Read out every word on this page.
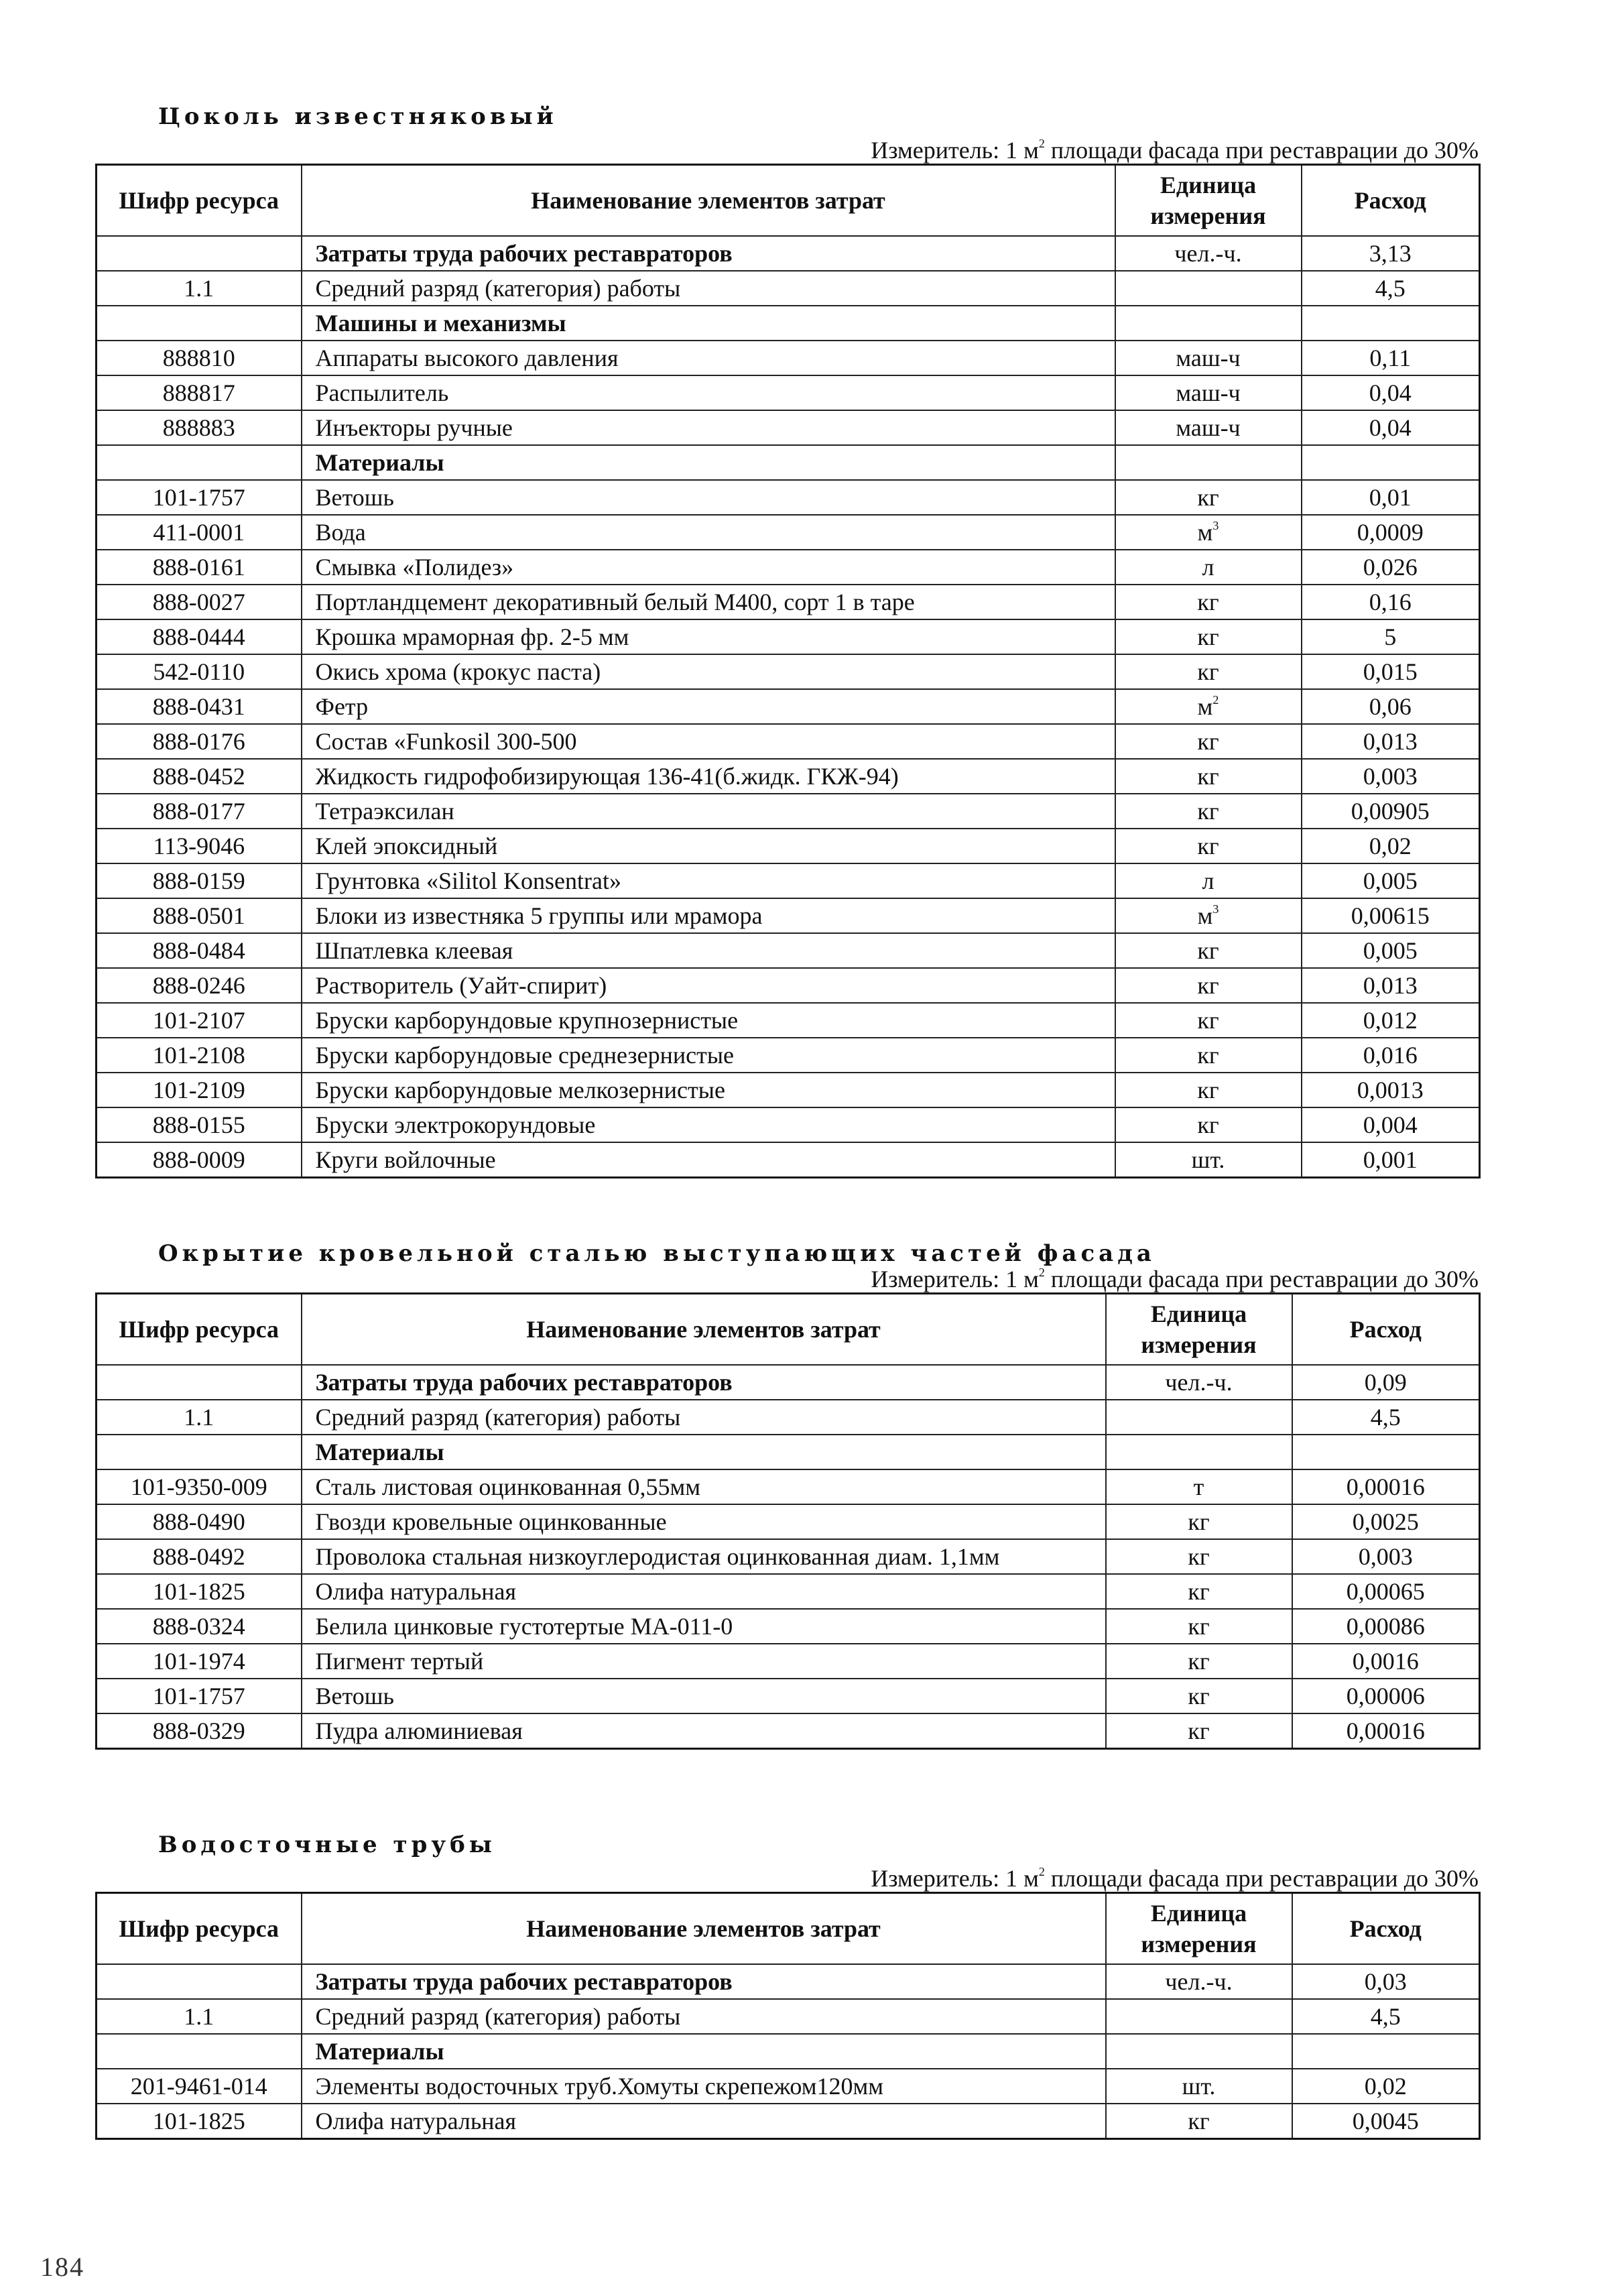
Цоколь известняковый
Измеритель: 1 $м^2$ площади фасада при реставрации до 30%
Шифр ресурса	Наименование элементов затрат	Единица измерения	Расход
	Затраты труда рабочих реставраторов	чел.-ч.	3,13
1.1	Средний разряд (категория) работы		4,5
	Машины и механизмы		
888810	Аппараты высокого давления	маш-ч	0,11
888817	Распылитель	маш-ч	0,04
888883	Инъекторы ручные	маш-ч	0,04
	Материалы		
101-1757	Ветошь	кг	0,01
411-0001	Вода	$м^3$	0,0009
888-0161	Смывка «Полидез»	л	0,026
888-0027	Портландцемент декоративный белый М400, сорт 1 в таре	кг	0,16
888-0444	Крошка мраморная фр. 2-5 мм	кг	5
542-0110	Окись хрома (крокус паста)	кг	0,015
888-0431	Фетр	$м^2$	0,06
888-0176	Состав «Funkosil 300-500	кг	0,013
888-0452	Жидкость гидрофобизирующая 136-41(б.жидк. ГКЖ-94)	кг	0,003
888-0177	Тетраэксилан	кг	0,00905
113-9046	Клей эпоксидный	кг	0,02
888-0159	Грунтовка «Silitol Konsentrat»	л	0,005
888-0501	Блоки из известняка 5 группы или мрамора	$м^3$	0,00615
888-0484	Шпатлевка клеевая	кг	0,005
888-0246	Растворитель (Уайт-спирит)	кг	0,013
101-2107	Бруски карборундовые крупнозернистые	кг	0,012
101-2108	Бруски карборундовые среднезернистые	кг	0,016
101-2109	Бруски карборундовые мелкозернистые	кг	0,0013
888-0155	Бруски электрокорундовые	кг	0,004
888-0009	Круги войлочные	шт.	0,001
Окрытие кровельной сталью выступающих частей фасада
Измеритель: 1 $м^2$ площади фасада при реставрации до 30%
Шифр ресурса	Наименование элементов затрат	Единица измерения	Расход
	Затраты труда рабочих реставраторов	чел.-ч.	0,09
1.1	Средний разряд (категория) работы		4,5
	Материалы		
101-9350-009	Сталь листовая оцинкованная 0,55мм	т	0,00016
888-0490	Гвозди кровельные оцинкованные	кг	0,0025
888-0492	Проволока стальная низкоуглеродистая оцинкованная диам. 1,1мм	кг	0,003
101-1825	Олифа натуральная	кг	0,00065
888-0324	Белила цинковые густотертые МА-011-0	кг	0,00086
101-1974	Пигмент тертый	кг	0,0016
101-1757	Ветошь	кг	0,00006
888-0329	Пудра алюминиевая	кг	0,00016
Водосточные трубы
Измеритель: 1 $м^2$ площади фасада при реставрации до 30%
Шифр ресурса	Наименование элементов затрат	Единица измерения	Расход
	Затраты труда рабочих реставраторов	чел.-ч.	0,03
1.1	Средний разряд (категория) работы		4,5
	Материалы		
201-9461-014	Элементы водосточных труб.Хомуты скрепежом120мм	шт.	0,02
101-1825	Олифа натуральная	кг	0,0045
184
